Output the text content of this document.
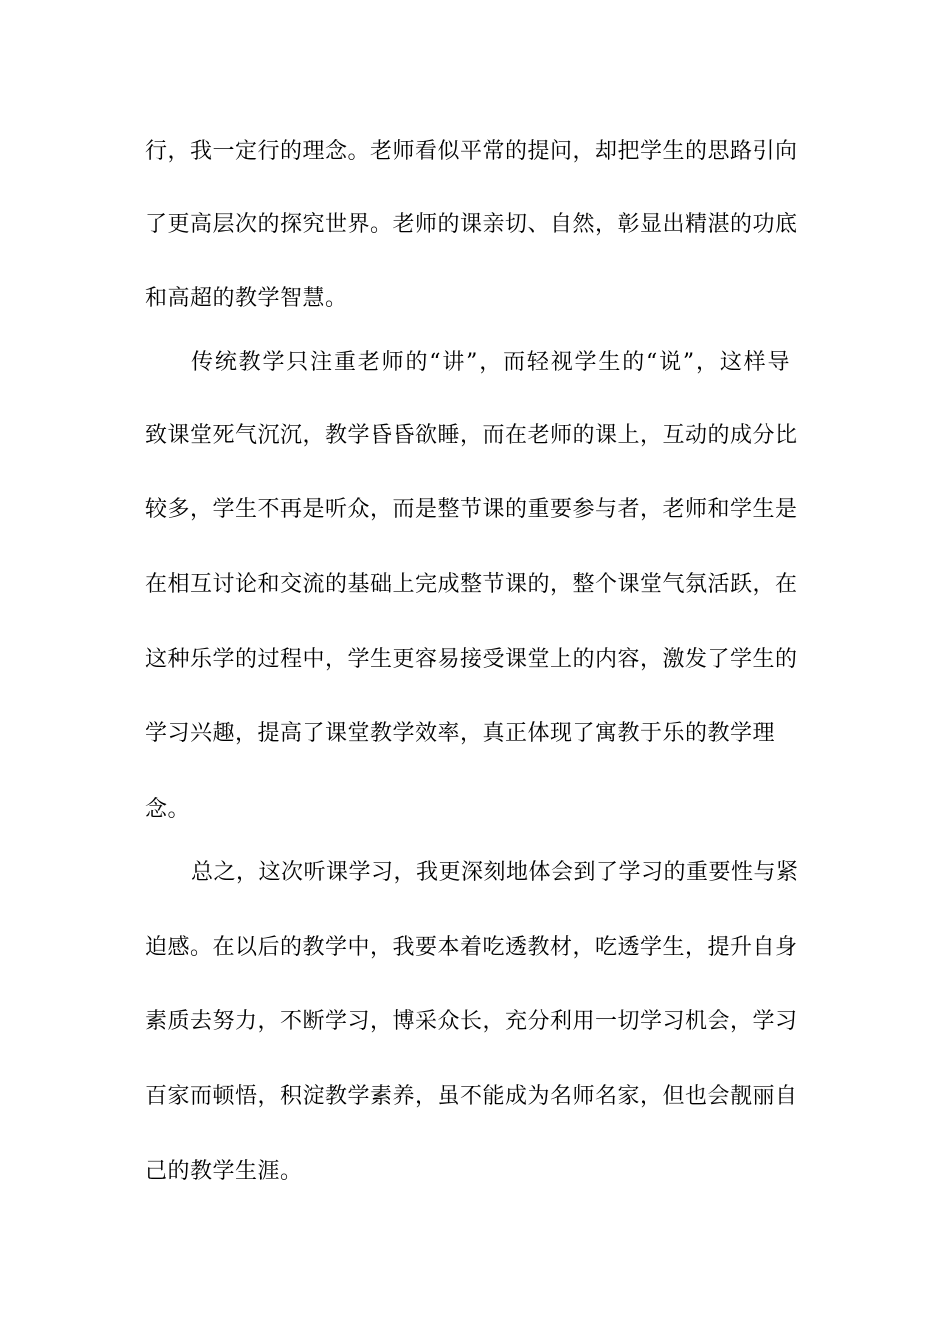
行，我一定行的理念。老师看似平常的提问，却把学生的思路引向
了更高层次的探究世界。老师的课亲切、自然，彰显出精湛的功底
和高超的教学智慧。
传统教学只注重老师的“讲”，而轻视学生的“说”，这样导
致课堂死气沉沉，教学昏昏欲睡，而在老师的课上，互动的成分比
较多，学生不再是听众，而是整节课的重要参与者，老师和学生是
在相互讨论和交流的基础上完成整节课的，整个课堂气氛活跃，在
这种乐学的过程中，学生更容易接受课堂上的内容，激发了学生的
学习兴趣，提高了课堂教学效率，真正体现了寓教于乐的教学理
念。
总之，这次听课学习，我更深刻地体会到了学习的重要性与紧
迫感。在以后的教学中，我要本着吃透教材，吃透学生，提升自身
素质去努力，不断学习，博采众长，充分利用一切学习机会，学习
百家而顿悟，积淀教学素养，虽不能成为名师名家，但也会靓丽自
己的教学生涯。
